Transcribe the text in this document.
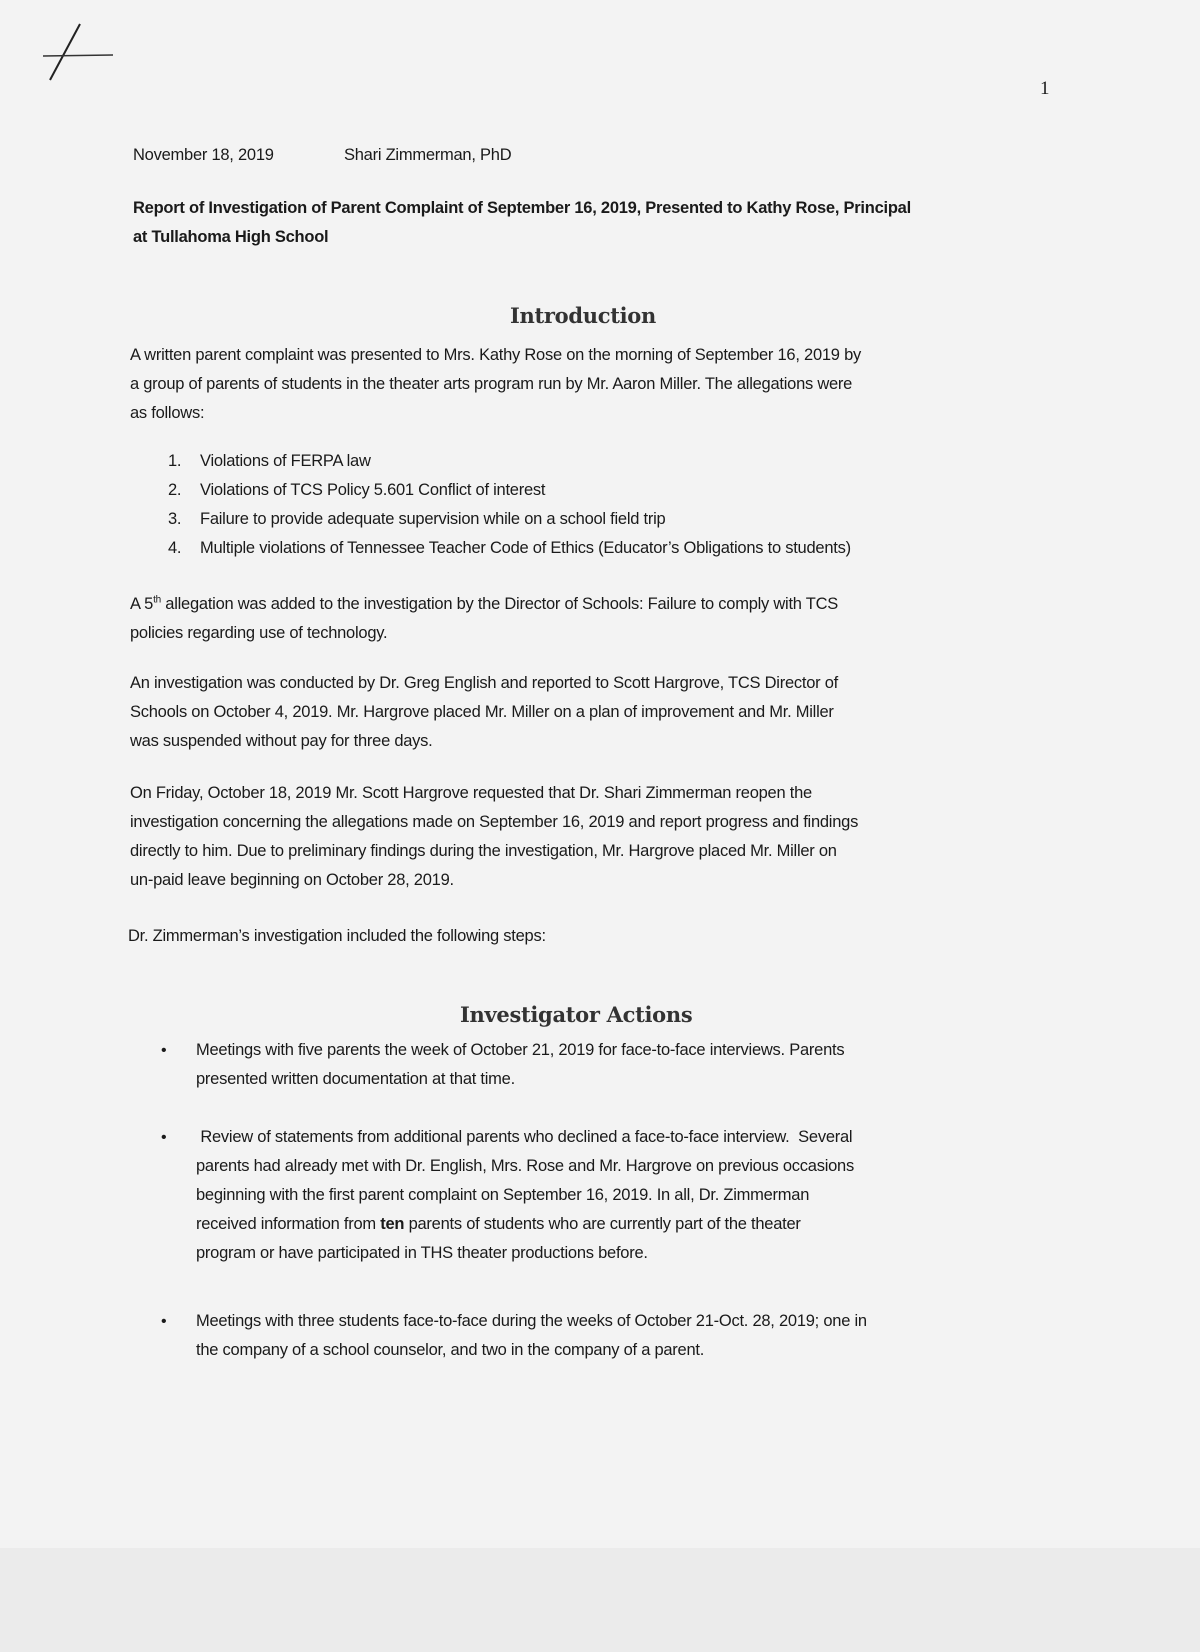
1
November 18, 2019	Shari Zimmerman, PhD
Report of Investigation of Parent Complaint of September 16, 2019, Presented to Kathy Rose, Principal
at Tullahoma High School
Introduction
A written parent complaint was presented to Mrs. Kathy Rose on the morning of September 16, 2019 by
a group of parents of students in the theater arts program run by Mr. Aaron Miller. The allegations were
as follows:
1. Violations of FERPA law
2. Violations of TCS Policy 5.601 Conflict of interest
3. Failure to provide adequate supervision while on a school field trip
4. Multiple violations of Tennessee Teacher Code of Ethics (Educator’s Obligations to students)
A 5th allegation was added to the investigation by the Director of Schools: Failure to comply with TCS
policies regarding use of technology.
An investigation was conducted by Dr. Greg English and reported to Scott Hargrove, TCS Director of
Schools on October 4, 2019. Mr. Hargrove placed Mr. Miller on a plan of improvement and Mr. Miller
was suspended without pay for three days.
On Friday, October 18, 2019 Mr. Scott Hargrove requested that Dr. Shari Zimmerman reopen the
investigation concerning the allegations made on September 16, 2019 and report progress and findings
directly to him. Due to preliminary findings during the investigation, Mr. Hargrove placed Mr. Miller on
un-paid leave beginning on October 28, 2019.
Dr. Zimmerman’s investigation included the following steps:
Investigator Actions
• Meetings with five parents the week of October 21, 2019 for face-to-face interviews. Parents
presented written documentation at that time.
• Review of statements from additional parents who declined a face-to-face interview.  Several
parents had already met with Dr. English, Mrs. Rose and Mr. Hargrove on previous occasions
beginning with the first parent complaint on September 16, 2019. In all, Dr. Zimmerman
received information from ten parents of students who are currently part of the theater
program or have participated in THS theater productions before.
• Meetings with three students face-to-face during the weeks of October 21-Oct. 28, 2019; one in
the company of a school counselor, and two in the company of a parent.
